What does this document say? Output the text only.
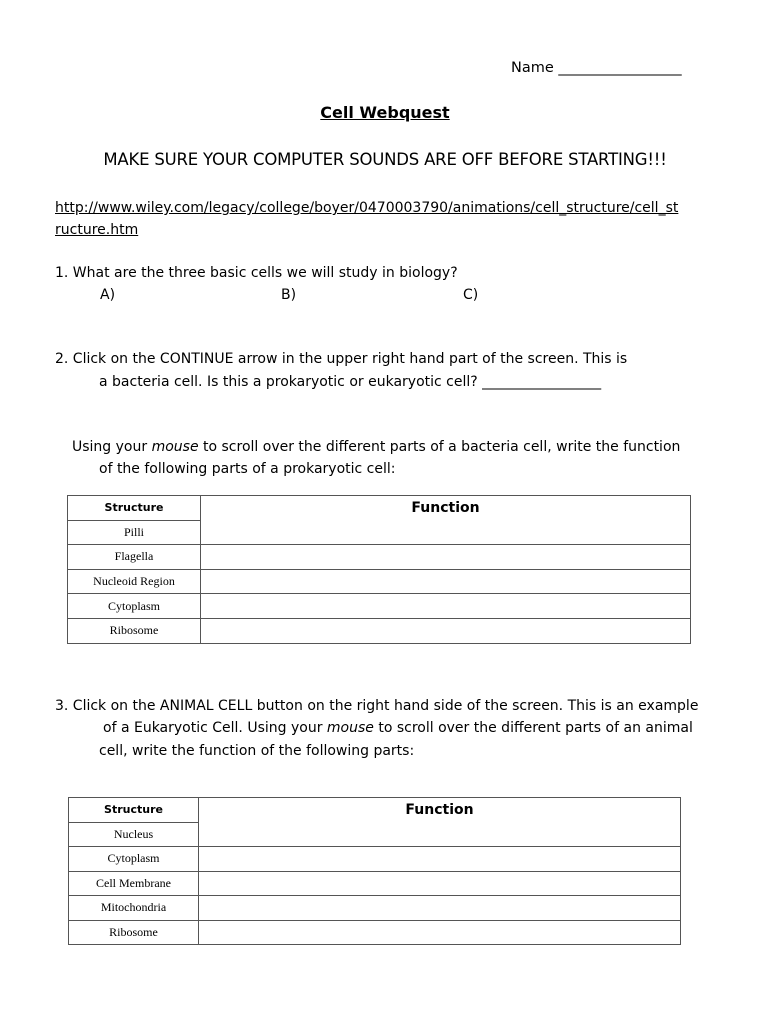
Name _________________
Cell Webquest
MAKE SURE YOUR COMPUTER SOUNDS ARE OFF BEFORE STARTING!!!
http://www.wiley.com/legacy/college/boyer/0470003790/animations/cell_structure/cell_st
ructure.htm
1. What are the three basic cells we will study in biology?
A)	B)	C)
2. Click on the CONTINUE arrow in the upper right hand part of the screen. This is
a bacteria cell. Is this a prokaryotic or eukaryotic cell? _________________
Using your mouse to scroll over the different parts of a bacteria cell, write the function
of the following parts of a prokaryotic cell:
Structure	Function
Pilli	
Flagella	
Nucleoid Region	
Cytoplasm	
Ribosome	
3. Click on the ANIMAL CELL button on the right hand side of the screen. This is an example
of a Eukaryotic Cell. Using your mouse to scroll over the different parts of an animal
cell, write the function of the following parts:
Structure	Function
Nucleus	
Cytoplasm	
Cell Membrane	
Mitochondria	
Ribosome	
